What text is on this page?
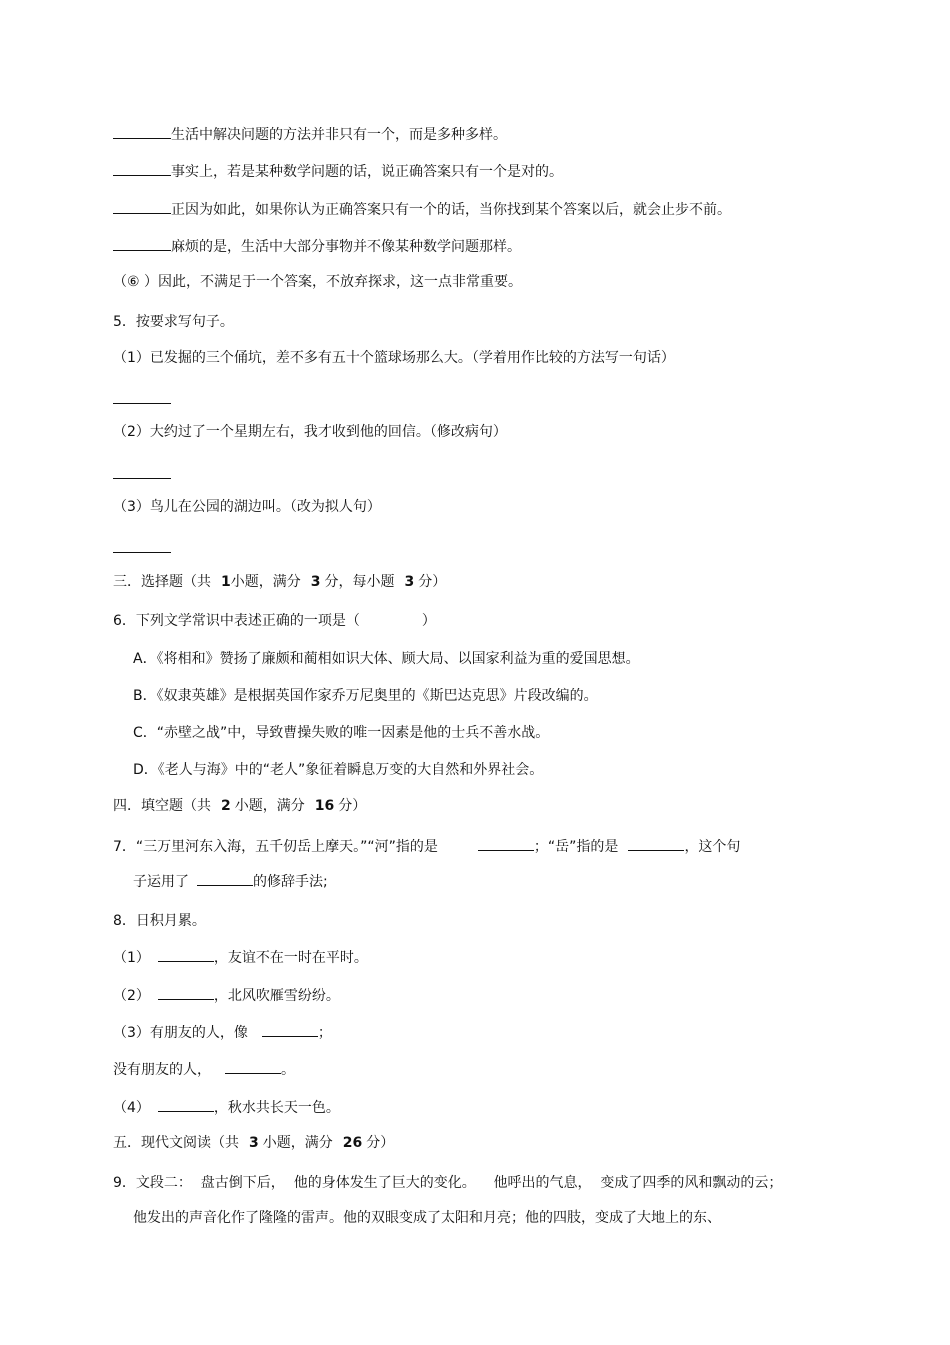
生活中解决问题的方法并非只有一个，而是多种多样。
事实上，若是某种数学问题的话，说正确答案只有一个是对的。
正因为如此，如果你认为正确答案只有一个的话，当你找到某个答案以后，就会止步不前。
麻烦的是，生活中大部分事物并不像某种数学问题那样。
（⑥ ）因此，不满足于一个答案，不放弃探求，这一点非常重要。
5．按要求写句子。
（1）已发掘的三个俑坑，差不多有五十个篮球场那么大。（学着用作比较的方法写一句话）
（2）大约过了一个星期左右，我才收到他的回信。（修改病句）
（3）鸟儿在公园的湖边叫。（改为拟人句）
三．选择题（共 1小题，满分 3 分，每小题 3 分）
6．下列文学常识中表述正确的一项是（	）
A．《将相和》赞扬了廉颇和蔺相如识大体、顾大局、以国家利益为重的爱国思想。
B．《奴隶英雄》是根据英国作家乔万尼奥里的《斯巴达克思》片段改编的。
C．“赤壁之战”中，导致曹操失败的唯一因素是他的士兵不善水战。
D．《老人与海》中的“老人”象征着瞬息万变的大自然和外界社会。
四．填空题（共 2 小题，满分 16 分）
7．“三万里河东入海，五千仞岳上摩天。”“河”指的是	；“岳”指的是	，这个句
子运用了	的修辞手法;
8．日积月累。
（1）	，友谊不在一时在平时。
（2）	，北风吹雁雪纷纷。
（3）有朋友的人，像	；
没有朋友的人，	。
（4）	，秋水共长天一色。
五．现代文阅读（共 3 小题，满分 26 分）
9．文段二：  盘古倒下后，  他的身体发生了巨大的变化。    他呼出的气息，  变成了四季的风和飘动的云；
他发出的声音化作了隆隆的雷声。他的双眼变成了太阳和月亮；他的四肢，变成了大地上的东、
